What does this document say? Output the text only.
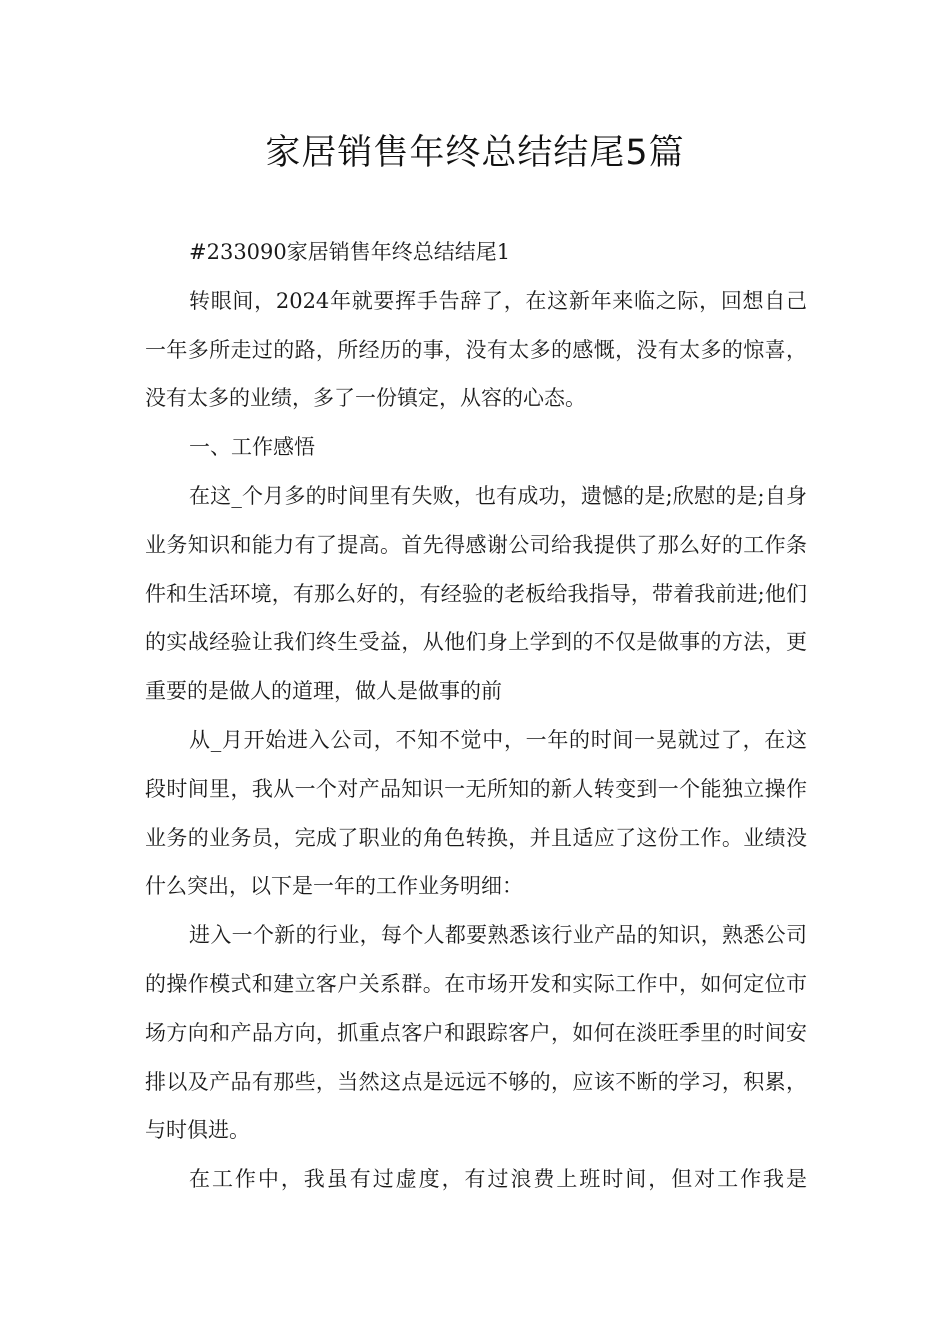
家居销售年终总结结尾5篇

#233090家居销售年终总结结尾1

转眼间，2024年就要挥手告辞了，在这新年来临之际，回想自己一年多所走过的路，所经历的事，没有太多的感慨，没有太多的惊喜，没有太多的业绩，多了一份镇定，从容的心态。

一、工作感悟

在这_个月多的时间里有失败，也有成功，遗憾的是;欣慰的是;自身业务知识和能力有了提高。首先得感谢公司给我提供了那么好的工作条件和生活环境，有那么好的，有经验的老板给我指导，带着我前进;他们的实战经验让我们终生受益，从他们身上学到的不仅是做事的方法，更重要的是做人的道理，做人是做事的前

从_月开始进入公司，不知不觉中，一年的时间一晃就过了，在这段时间里，我从一个对产品知识一无所知的新人转变到一个能独立操作业务的业务员，完成了职业的角色转换，并且适应了这份工作。业绩没什么突出，以下是一年的工作业务明细：

进入一个新的行业，每个人都要熟悉该行业产品的知识，熟悉公司的操作模式和建立客户关系群。在市场开发和实际工作中，如何定位市场方向和产品方向，抓重点客户和跟踪客户，如何在淡旺季里的时间安排以及产品有那些，当然这点是远远不够的，应该不断的学习，积累，与时俱进。

在工作中，我虽有过虚度，有过浪费上班时间，但对工作我是
